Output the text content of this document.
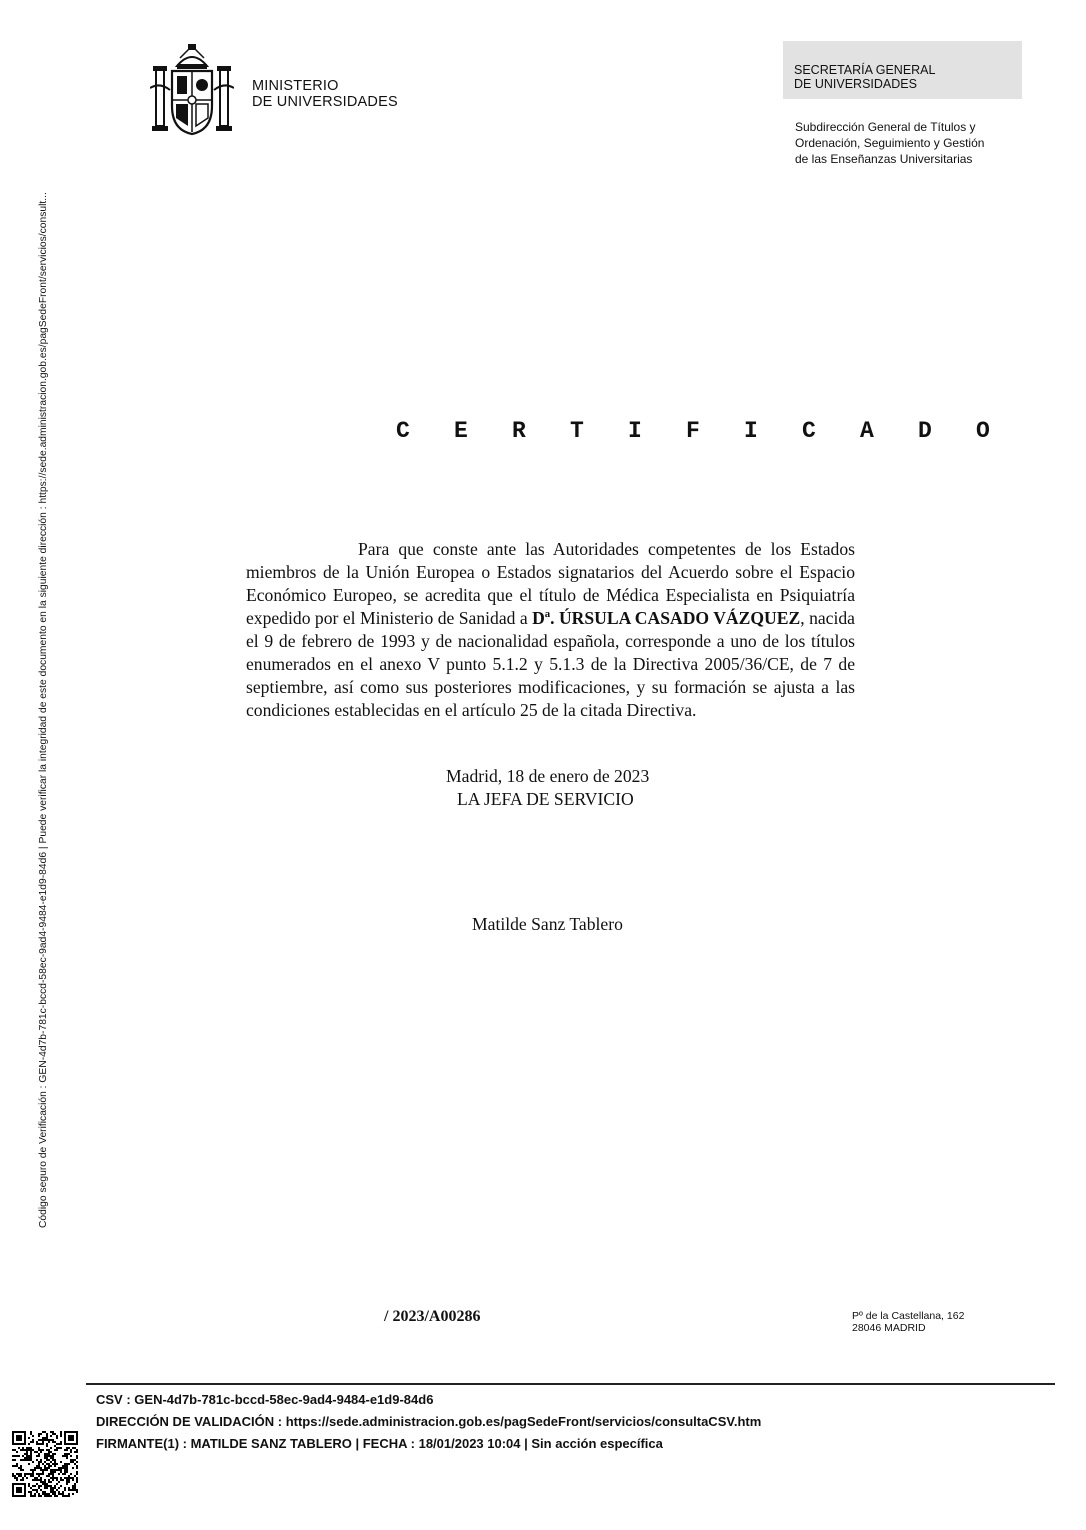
MINISTERIO
DE UNIVERSIDADES
SECRETARÍA GENERAL
DE UNIVERSIDADES
Subdirección General de Títulos y
Ordenación, Seguimiento y Gestión
de las Enseñanzas Universitarias
Código seguro de Verificación : GEN-4d7b-781c-bccd-58ec-9ad4-9484-e1d9-84d6 | Puede verificar la integridad de este documento en la siguiente dirección : https://sede.administracion.gob.es/pagSedeFront/servicios/consult...	C E R T I F I C A D O
Para que conste ante las Autoridades competentes de los Estados miembros de la Unión Europea o Estados signatarios del Acuerdo sobre el Espacio Económico Europeo, se acredita que el título de Médica Especialista en Psiquiatría expedido por el Ministerio de Sanidad a Dª. ÚRSULA CASADO VÁZQUEZ, nacida el 9 de febrero de 1993 y de nacionalidad española, corresponde a uno de los títulos enumerados en el anexo V punto 5.1.2 y 5.1.3 de la Directiva 2005/36/CE, de 7 de septiembre, así como sus posteriores modificaciones, y su formación se ajusta a las condiciones establecidas en el artículo 25 de la citada Directiva.
Madrid, 18 de enero de 2023
LA JEFA DE SERVICIO
Matilde Sanz Tablero
/ 2023/A00286	Pº de la Castellana, 162
28046 MADRID
CSV : GEN-4d7b-781c-bccd-58ec-9ad4-9484-e1d9-84d6
DIRECCIÓN DE VALIDACIÓN : https://sede.administracion.gob.es/pagSedeFront/servicios/consultaCSV.htm
FIRMANTE(1) : MATILDE SANZ TABLERO | FECHA : 18/01/2023 10:04 | Sin acción específica
